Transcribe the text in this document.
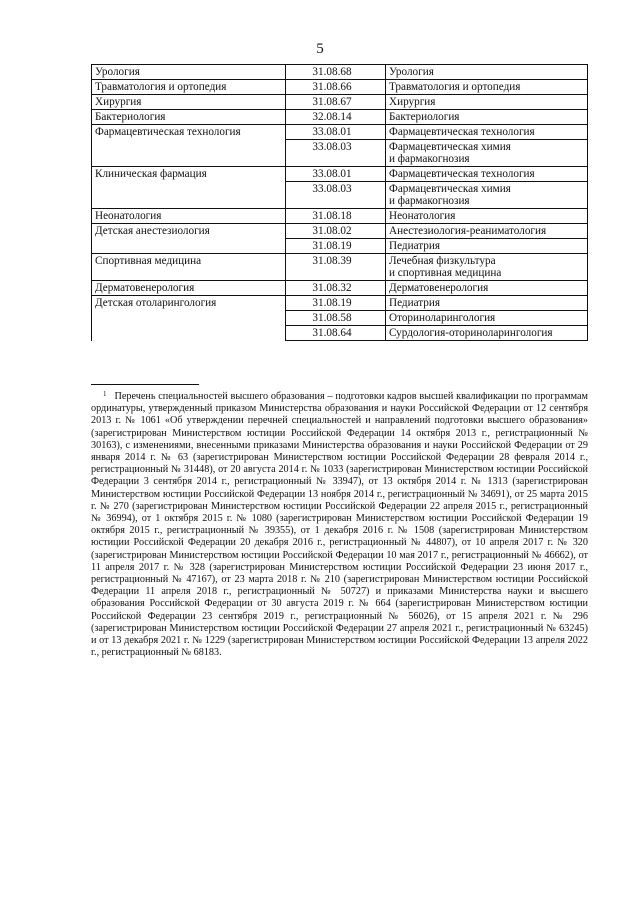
5
Урология	31.08.68	Урология
Травматология и ортопедия	31.08.66	Травматология и ортопедия
Хирургия	31.08.67	Хирургия
Бактериология	32.08.14	Бактериология
Фармацевтическая технология	33.08.01	Фармацевтическая технология
	33.08.03	Фармацевтическая химия
и фармакогнозия
Клиническая фармация	33.08.01	Фармацевтическая технология
	33.08.03	Фармацевтическая химия
и фармакогнозия
Неонатология	31.08.18	Неонатология
Детская анестезиология	31.08.02	Анестезиология-реаниматология
	31.08.19	Педиатрия
Спортивная медицина	31.08.39	Лечебная физкультура
и спортивная медицина
Дерматовенерология	31.08.32	Дерматовенерология
Детская отоларингология	31.08.19	Педиатрия
	31.08.58	Оториноларингология
	31.08.64	Сурдология-оториноларингология

$^1$ Перечень специальностей высшего образования – подготовки кадров высшей квалификации по программам ординатуры, утвержденный приказом Министерства образования и науки Российской Федерации от 12 сентября 2013 г. № 1061 «Об утверждении перечней специальностей и направлений подготовки высшего образования» (зарегистрирован Министерством юстиции Российской Федерации 14 октября 2013 г., регистрационный № 30163), с изменениями, внесенными приказами Министерства образования и науки Российской Федерации от 29 января 2014 г. № 63 (зарегистрирован Министерством юстиции Российской Федерации 28 февраля 2014 г., регистрационный № 31448), от 20 августа 2014 г. № 1033 (зарегистрирован Министерством юстиции Российской Федерации 3 сентября 2014 г., регистрационный № 33947), от 13 октября 2014 г. № 1313 (зарегистрирован Министерством юстиции Российской Федерации 13 ноября 2014 г., регистрационный № 34691), от 25 марта 2015 г. № 270 (зарегистрирован Министерством юстиции Российской Федерации 22 апреля 2015 г., регистрационный № 36994), от 1 октября 2015 г. № 1080 (зарегистрирован Министерством юстиции Российской Федерации 19 октября 2015 г., регистрационный № 39355), от 1 декабря 2016 г. № 1508 (зарегистрирован Министерством юстиции Российской Федерации 20 декабря 2016 г., регистрационный № 44807), от 10 апреля 2017 г. № 320 (зарегистрирован Министерством юстиции Российской Федерации 10 мая 2017 г., регистрационный № 46662), от 11 апреля 2017 г. № 328 (зарегистрирован Министерством юстиции Российской Федерации 23 июня 2017 г., регистрационный № 47167), от 23 марта 2018 г. № 210 (зарегистрирован Министерством юстиции Российской Федерации 11 апреля 2018 г., регистрационный № 50727) и приказами Министерства науки и высшего образования Российской Федерации от 30 августа 2019 г. № 664 (зарегистрирован Министерством юстиции Российской Федерации 23 сентября 2019 г., регистрационный № 56026), от 15 апреля 2021 г. № 296 (зарегистрирован Министерством юстиции Российской Федерации 27 апреля 2021 г., регистрационный № 63245) и от 13 декабря 2021 г. № 1229 (зарегистрирован Министерством юстиции Российской Федерации 13 апреля 2022 г., регистрационный № 68183.
